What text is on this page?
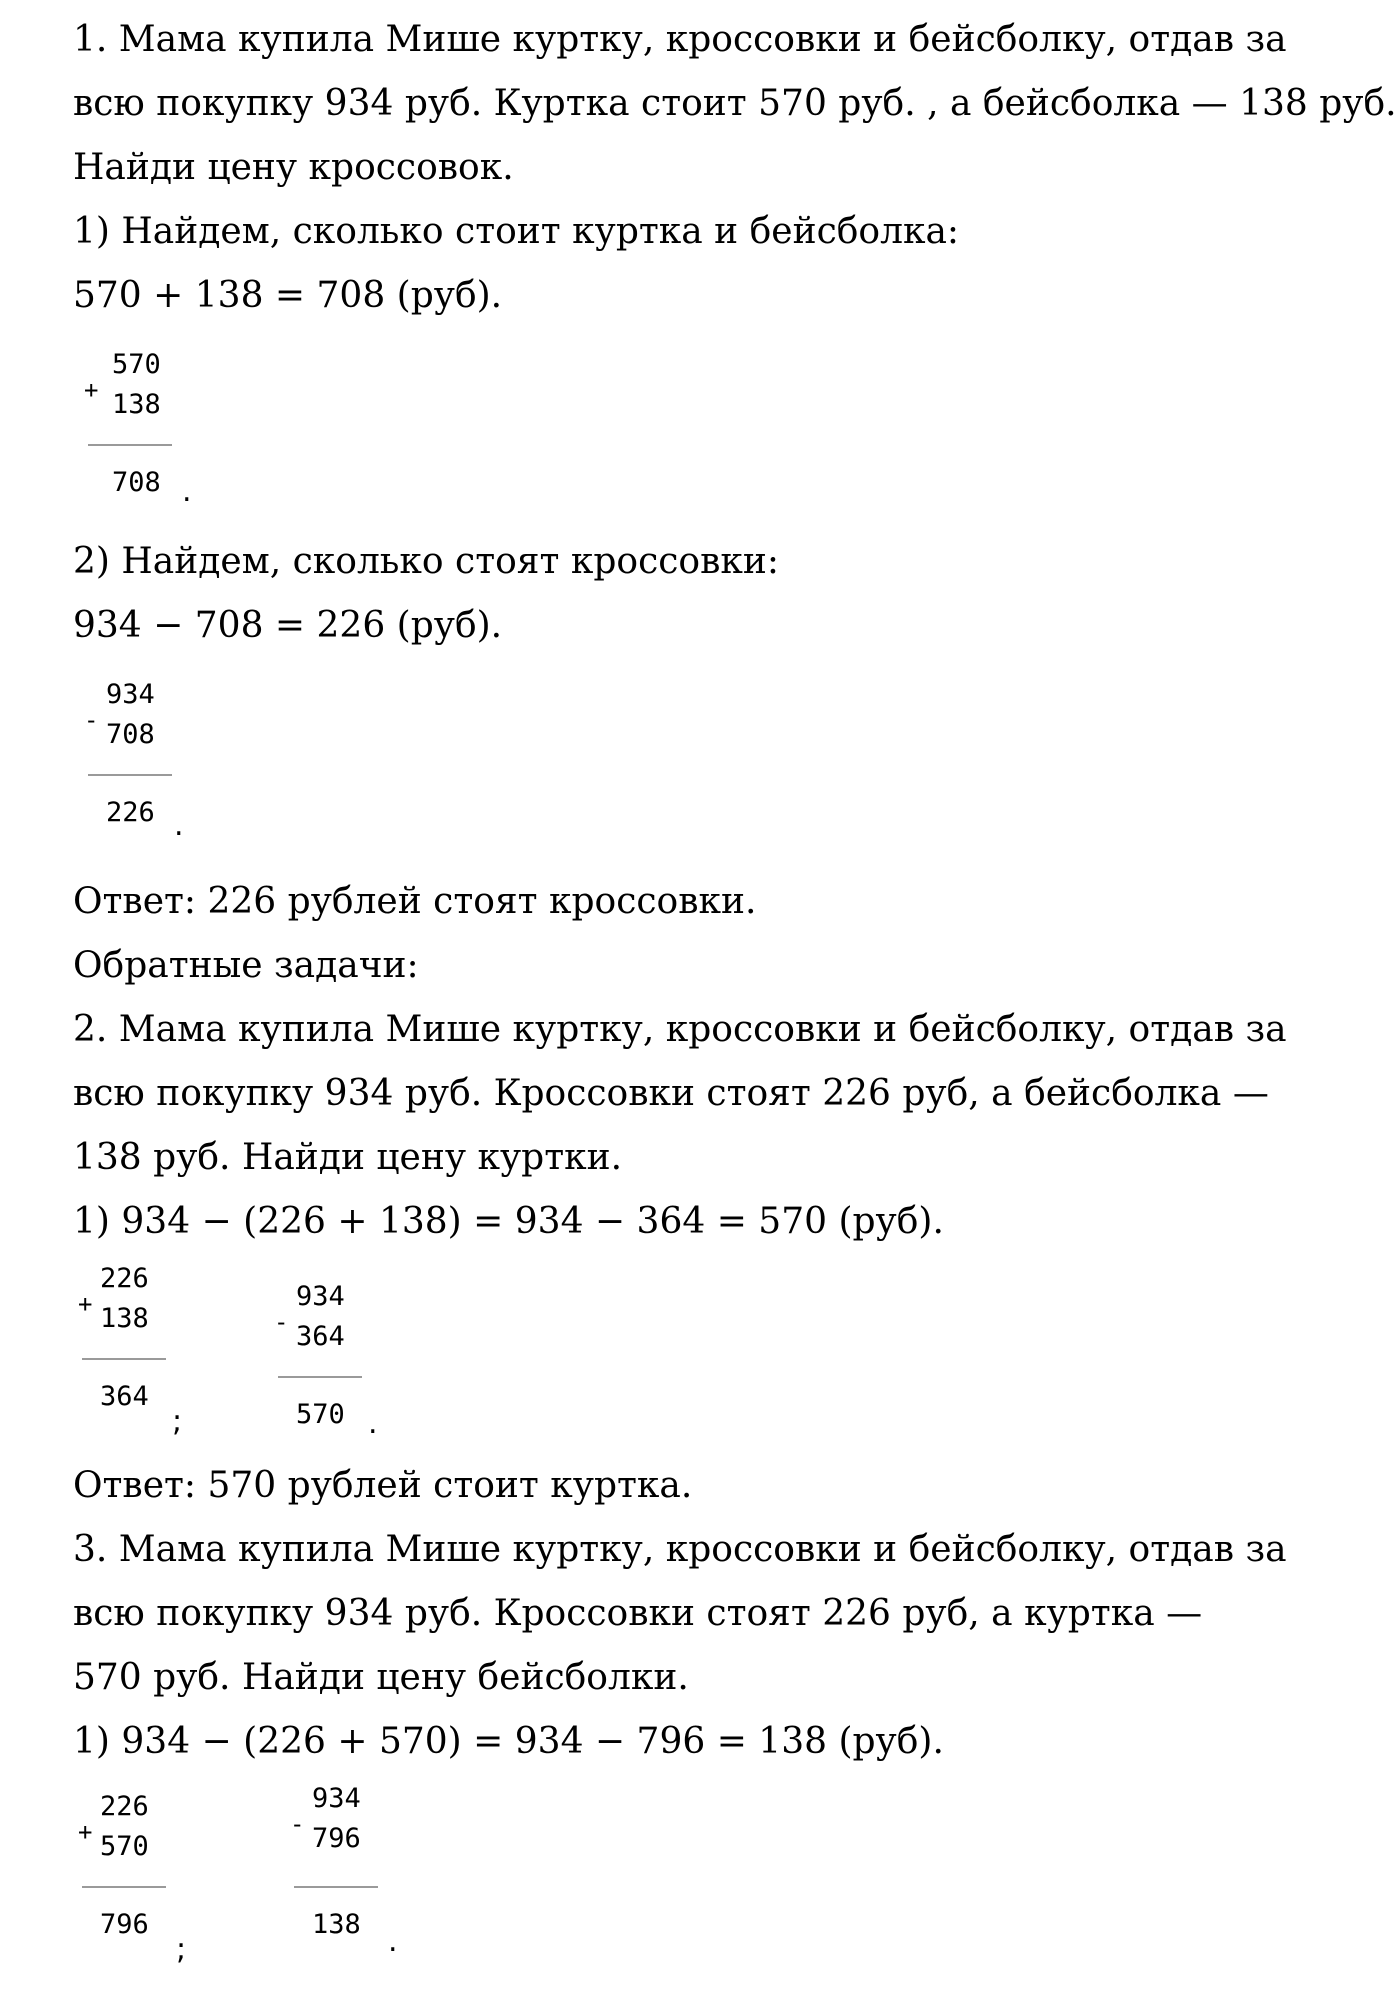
1. Мама купила Мише куртку, кроссовки и бейсболку, отдав за
всю покупку 934 руб. Куртка стоит 570 руб. , а бейсболка — 138 руб.
Найди цену кроссовок.
1) Найдем, сколько стоит куртка и бейсболка:
570 + 138 = 708 (руб).
+
570
138
708 .
2) Найдем, сколько стоят кроссовки:
934 − 708 = 226 (руб).
-
934
708
226 .
Ответ: 226 рублей стоят кроссовки.
Обратные задачи:
2. Мама купила Мише куртку, кроссовки и бейсболку, отдав за
всю покупку 934 руб. Кроссовки стоят 226 руб, а бейсболка —
138 руб. Найди цену куртки.
1) 934 − (226 + 138) = 934 − 364 = 570 (руб).
+
226
138
364
;
-
934
364
570 .
Ответ: 570 рублей стоит куртка.
3. Мама купила Мише куртку, кроссовки и бейсболку, отдав за
всю покупку 934 руб. Кроссовки стоят 226 руб, а куртка —
570 руб. Найди цену бейсболки.
1) 934 − (226 + 570) = 934 − 796 = 138 (руб).
+
226
570
796
;
-
934
796
138 .
